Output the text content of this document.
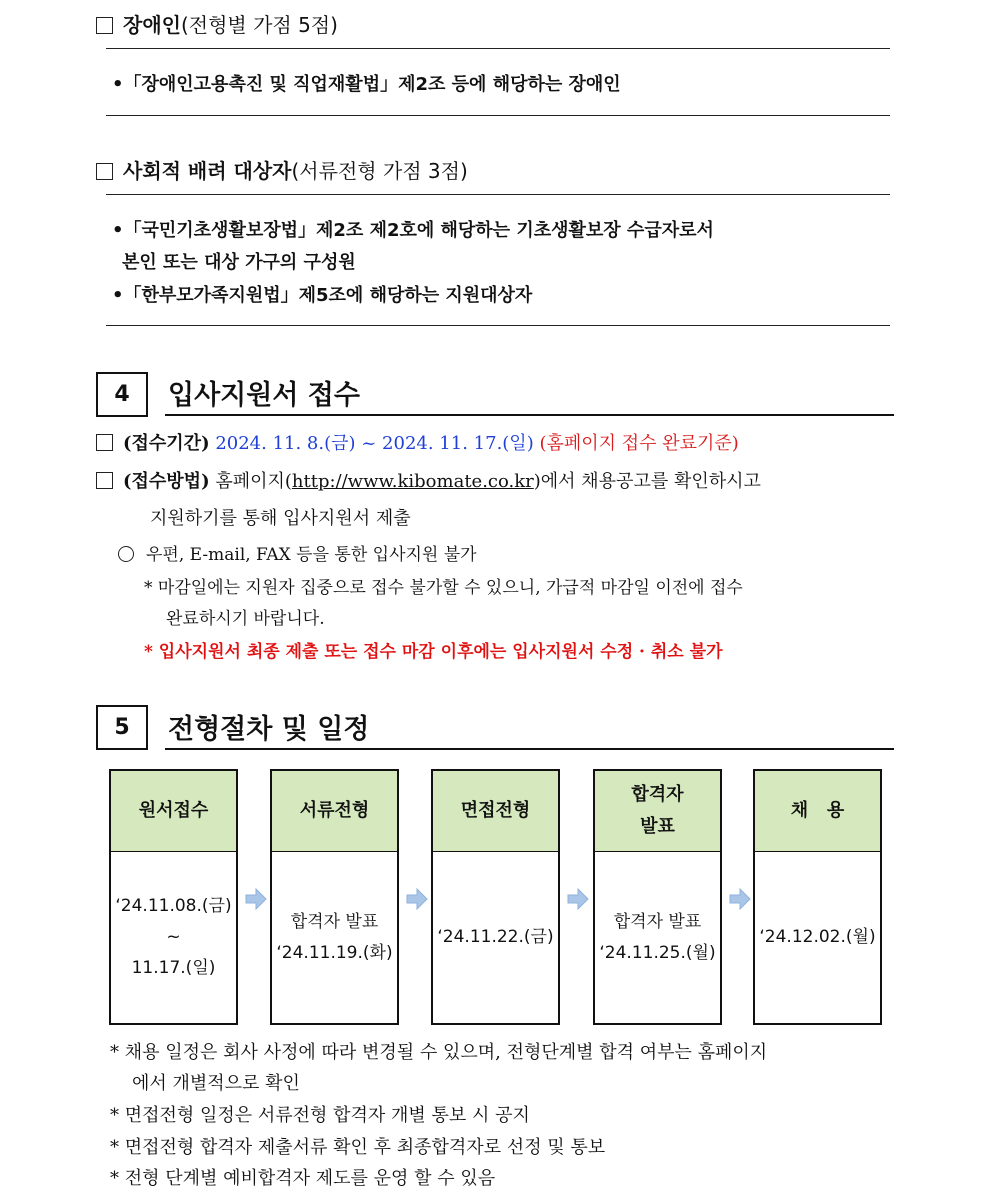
장애인(전형별 가점 5점)
•「장애인고용촉진 및 직업재활법」제2조 등에 해당하는 장애인
사회적 배려 대상자(서류전형 가점 3점)
•「국민기초생활보장법」제2조 제2호에 해당하는 기초생활보장 수급자로서
본인 또는 대상 가구의 구성원
•「한부모가족지원법」제5조에 해당하는 지원대상자
4	입사지원서 접수
(접수기간) 2024. 11. 8.(금) ~ 2024. 11. 17.(일) (홈페이지 접수 완료기준)
(접수방법) 홈페이지(http://www.kibomate.co.kr)에서 채용공고를 확인하시고
지원하기를 통해 입사지원서 제출
우편, E-mail, FAX 등을 통한 입사지원 불가
* 마감일에는 지원자 집중으로 접수 불가할 수 있으니, 가급적 마감일 이전에 접수
완료하시기 바랍니다.
* 입사지원서 최종 제출 또는 접수 마감 이후에는 입사지원서 수정 · 취소 불가
5	전형절차 및 일정
원서접수
‘24.11.08.(금)
~
11.17.(일)
서류전형
합격자 발표
‘24.11.19.(화)
면접전형
‘24.11.22.(금)
합격자
발표
합격자 발표
‘24.11.25.(월)
채   용
‘24.12.02.(월)
* 채용 일정은 회사 사정에 따라 변경될 수 있으며, 전형단계별 합격 여부는 홈페이지
에서 개별적으로 확인
* 면접전형 일정은 서류전형 합격자 개별 통보 시 공지
* 면접전형 합격자 제출서류 확인 후 최종합격자로 선정 및 통보
* 전형 단계별 예비합격자 제도를 운영 할 수 있음
